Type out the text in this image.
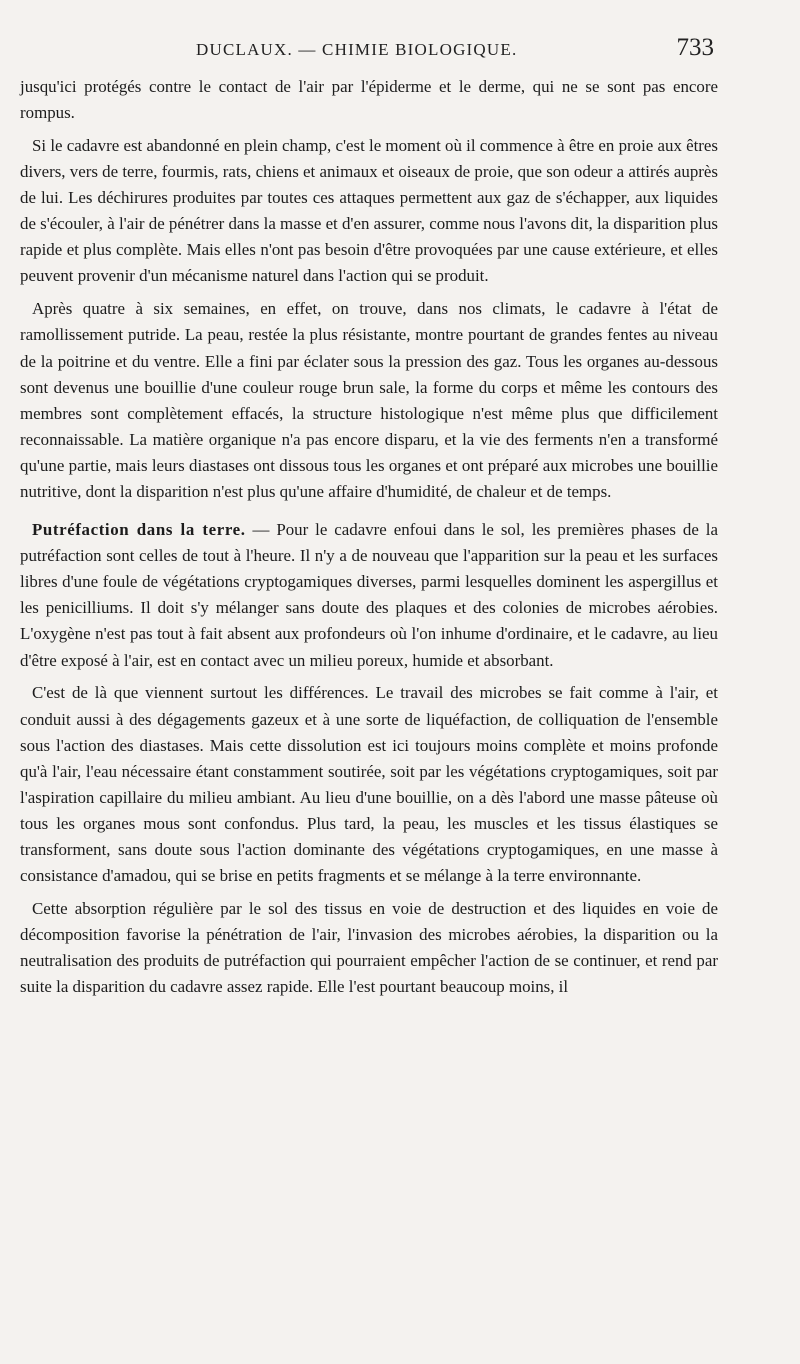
DUCLAUX. — CHIMIE BIOLOGIQUE.	733

jusqu'ici protégés contre le contact de l'air par l'épiderme et le derme, qui ne se sont pas encore rompus.

Si le cadavre est abandonné en plein champ, c'est le moment où il commence à être en proie aux êtres divers, vers de terre, fourmis, rats, chiens et animaux et oiseaux de proie, que son odeur a attirés auprès de lui. Les déchirures produites par toutes ces attaques permettent aux gaz de s'échapper, aux liquides de s'écouler, à l'air de pénétrer dans la masse et d'en assurer, comme nous l'avons dit, la disparition plus rapide et plus complète. Mais elles n'ont pas besoin d'être provoquées par une cause extérieure, et elles peuvent provenir d'un mécanisme naturel dans l'action qui se produit.

Après quatre à six semaines, en effet, on trouve, dans nos climats, le cadavre à l'état de ramollissement putride. La peau, restée la plus résistante, montre pourtant de grandes fentes au niveau de la poitrine et du ventre. Elle a fini par éclater sous la pression des gaz. Tous les organes au-dessous sont devenus une bouillie d'une couleur rouge brun sale, la forme du corps et même les contours des membres sont complètement effacés, la structure histologique n'est même plus que difficilement reconnaissable. La matière organique n'a pas encore disparu, et la vie des ferments n'en a transformé qu'une partie, mais leurs diastases ont dissous tous les organes et ont préparé aux microbes une bouillie nutritive, dont la disparition n'est plus qu'une affaire d'humidité, de chaleur et de temps.

Putréfaction dans la terre. — Pour le cadavre enfoui dans le sol, les premières phases de la putréfaction sont celles de tout à l'heure. Il n'y a de nouveau que l'apparition sur la peau et les surfaces libres d'une foule de végétations cryptogamiques diverses, parmi lesquelles dominent les aspergillus et les penicilliums. Il doit s'y mélanger sans doute des plaques et des colonies de microbes aérobies. L'oxygène n'est pas tout à fait absent aux profondeurs où l'on inhume d'ordinaire, et le cadavre, au lieu d'être exposé à l'air, est en contact avec un milieu poreux, humide et absorbant.

C'est de là que viennent surtout les différences. Le travail des microbes se fait comme à l'air, et conduit aussi à des dégagements gazeux et à une sorte de liquéfaction, de colliquation de l'ensemble sous l'action des diastases. Mais cette dissolution est ici toujours moins complète et moins profonde qu'à l'air, l'eau nécessaire étant constamment soutirée, soit par les végétations cryptogamiques, soit par l'aspiration capillaire du milieu ambiant. Au lieu d'une bouillie, on a dès l'abord une masse pâteuse où tous les organes mous sont confondus. Plus tard, la peau, les muscles et les tissus élastiques se transforment, sans doute sous l'action dominante des végétations cryptogamiques, en une masse à consistance d'amadou, qui se brise en petits fragments et se mélange à la terre environnante.

Cette absorption régulière par le sol des tissus en voie de destruction et des liquides en voie de décomposition favorise la pénétration de l'air, l'invasion des microbes aérobies, la disparition ou la neutralisation des produits de putréfaction qui pourraient empêcher l'action de se continuer, et rend par suite la disparition du cadavre assez rapide. Elle l'est pourtant beaucoup moins, il
